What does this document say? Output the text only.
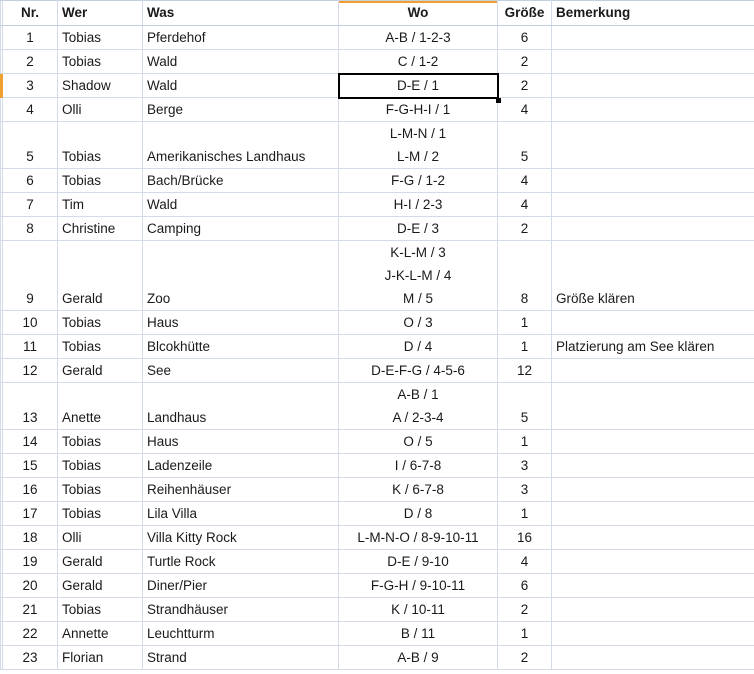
	Nr.	Wer	Was	Wo	Größe	Bemerkung
	1	Tobias	Pferdehof	A-B / 1-2-3	6	
	2	Tobias	Wald	C / 1-2	2	
	3	Shadow	Wald	D-E / 1	2	
	4	Olli	Berge	F-G-H-I / 1	4	
	5	Tobias	Amerikanisches Landhaus	L-M-N / 1
L-M / 2	5	
	6	Tobias	Bach/Brücke	F-G / 1-2	4	
	7	Tim	Wald	H-I / 2-3	4	
	8	Christine	Camping	D-E / 3	2	
	9	Gerald	Zoo	K-L-M / 3
J-K-L-M / 4
M / 5	8	Größe klären
	10	Tobias	Haus	O / 3	1	
	11	Tobias	Blcokhütte	D / 4	1	Platzierung am See klären
	12	Gerald	See	D-E-F-G / 4-5-6	12	
	13	Anette	Landhaus	A-B / 1
A / 2-3-4	5	
	14	Tobias	Haus	O / 5	1	
	15	Tobias	Ladenzeile	I / 6-7-8	3	
	16	Tobias	Reihenhäuser	K / 6-7-8	3	
	17	Tobias	Lila Villa	D / 8	1	
	18	Olli	Villa Kitty Rock	L-M-N-O / 8-9-10-11	16	
	19	Gerald	Turtle Rock	D-E / 9-10	4	
	20	Gerald	Diner/Pier	F-G-H / 9-10-11	6	
	21	Tobias	Strandhäuser	K / 10-11	2	
	22	Annette	Leuchtturm	B / 11	1	
	23	Florian	Strand	A-B / 9	2	
